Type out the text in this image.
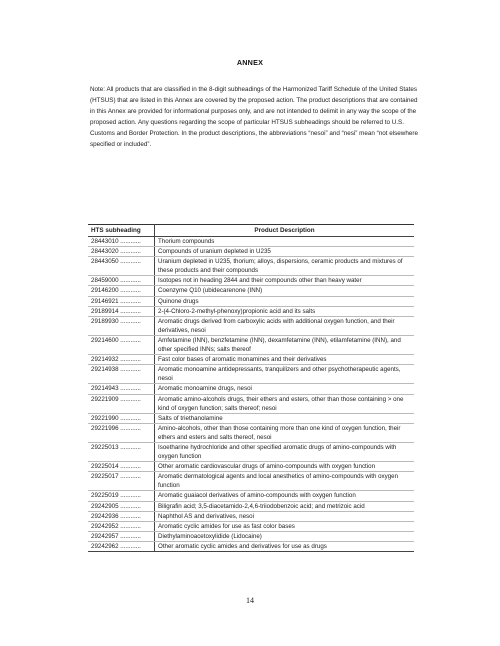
ANNEX

Note: All products that are classified in the 8-digit subheadings of the Harmonized Tariff Schedule of the United States (HTSUS) that are listed in this Annex are covered by the proposed action. The product descriptions that are contained in this Annex are provided for informational purposes only, and are not intended to delimit in any way the scope of the proposed action. Any questions regarding the scope of particular HTSUS subheadings should be referred to U.S. Customs and Border Protection. In the product descriptions, the abbreviations “nesoi” and “nesi” mean “not elsewhere specified or included”.

HTS subheading	Product Description
28443010 ............	Thorium compounds
28443020 ............	Compounds of uranium depleted in U235
28443050 ............	Uranium depleted in U235, thorium; alloys, dispersions, ceramic products and mixtures of these products and their compounds
28459000 ............	Isotopes not in heading 2844 and their compounds other than heavy water
29146200 ............	Coenzyme Q10 (ubidecarenone (INN)
29146921 ............	Quinone drugs
29189914 ............	2-(4-Chloro-2-methyl-phenoxy)propionic acid and its salts
29189930 ............	Aromatic drugs derived from carboxylic acids with additional oxygen function, and their derivatives, nesoi
29214600 ............	Amfetamine (INN), benzfetamine (INN), dexamfetamine (INN), etilamfetamine (INN), and other specified INNs; salts thereof
29214932 ............	Fast color bases of aromatic monamines and their derivatives
29214938 ............	Aromatic monoamine antidepressants, tranquilizers and other psychotherapeutic agents, nesoi
29214943 ............	Aromatic monoamine drugs, nesoi
29221909 ............	Aromatic amino-alcohols drugs, their ethers and esters, other than those containing > one kind of oxygen function; salts thereof; nesoi
29221990 ............	Salts of triethanolamine
29221996 ............	Amino-alcohols, other than those containing more than one kind of oxygen function, their ethers and esters and salts thereof, nesoi
29225013 ............	Isoetharine hydrochloride and other specified aromatic drugs of amino-compounds with oxygen function
29225014 ............	Other aromatic cardiovascular drugs of amino-compounds with oxygen function
29225017 ............	Aromatic dermatological agents and local anesthetics of amino-compounds with oxygen function
29225019 ............	Aromatic guaiacol derivatives of amino-compounds with oxygen function
29242905 ............	Biligrafin acid; 3,5-diacetamido-2,4,6-triiodobenzoic acid; and metrizoic acid
29242936 ............	Naphthol AS and derivatives, nesoi
29242952 ............	Aromatic cyclic amides for use as fast color bases
29242957 ............	Diethylaminoacetoxylidide (Lidocaine)
29242962 ............	Other aromatic cyclic amides and derivatives for use as drugs
14
